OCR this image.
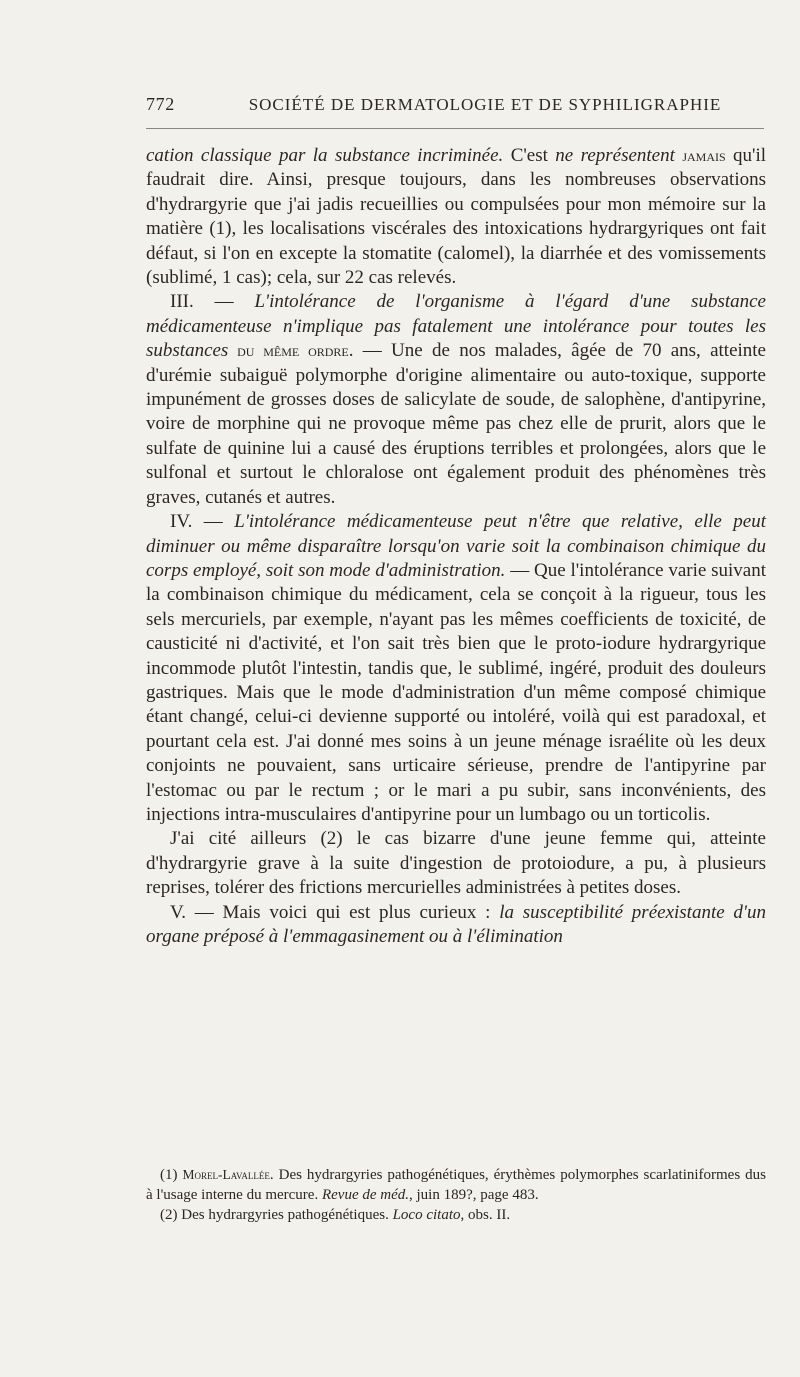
772	SOCIÉTÉ DE DERMATOLOGIE ET DE SYPHILIGRAPHIE

cation classique par la substance incriminée. C'est ne représentent jamais qu'il faudrait dire. Ainsi, presque toujours, dans les nombreuses observations d'hydrargyrie que j'ai jadis recueillies ou compulsées pour mon mémoire sur la matière (1), les localisations viscérales des intoxications hydrargyriques ont fait défaut, si l'on en excepte la stomatite (calomel), la diarrhée et des vomissements (sublimé, 1 cas); cela, sur 22 cas relevés.

III. — L'intolérance de l'organisme à l'égard d'une substance médicamenteuse n'implique pas fatalement une intolérance pour toutes les substances du même ordre. — Une de nos malades, âgée de 70 ans, atteinte d'urémie subaiguë polymorphe d'origine alimentaire ou auto-toxique, supporte impunément de grosses doses de salicylate de soude, de salophène, d'antipyrine, voire de morphine qui ne provoque même pas chez elle de prurit, alors que le sulfate de quinine lui a causé des éruptions terribles et prolongées, alors que le sulfonal et surtout le chloralose ont également produit des phénomènes très graves, cutanés et autres.

IV. — L'intolérance médicamenteuse peut n'être que relative, elle peut diminuer ou même disparaître lorsqu'on varie soit la combinaison chimique du corps employé, soit son mode d'administration. — Que l'intolérance varie suivant la combinaison chimique du médicament, cela se conçoit à la rigueur, tous les sels mercuriels, par exemple, n'ayant pas les mêmes coefficients de toxicité, de causticité ni d'activité, et l'on sait très bien que le proto-iodure hydrargyrique incommode plutôt l'intestin, tandis que, le sublimé, ingéré, produit des douleurs gastriques. Mais que le mode d'administration d'un même composé chimique étant changé, celui-ci devienne supporté ou intoléré, voilà qui est paradoxal, et pourtant cela est. J'ai donné mes soins à un jeune ménage israélite où les deux conjoints ne pouvaient, sans urticaire sérieuse, prendre de l'antipyrine par l'estomac ou par le rectum ; or le mari a pu subir, sans inconvénients, des injections intra-musculaires d'antipyrine pour un lumbago ou un torticolis.

J'ai cité ailleurs (2) le cas bizarre d'une jeune femme qui, atteinte d'hydrargyrie grave à la suite d'ingestion de protoiodure, a pu, à plusieurs reprises, tolérer des frictions mercurielles administrées à petites doses.

V. — Mais voici qui est plus curieux : la susceptibilité préexistante d'un organe préposé à l'emmagasinement ou à l'élimination

(1) Morel-Lavallée. Des hydrargyries pathogénétiques, érythèmes polymorphes scarlatiniformes dus à l'usage interne du mercure. Revue de méd., juin 189?, page 483.

(2) Des hydrargyries pathogénétiques. Loco citato, obs. II.
